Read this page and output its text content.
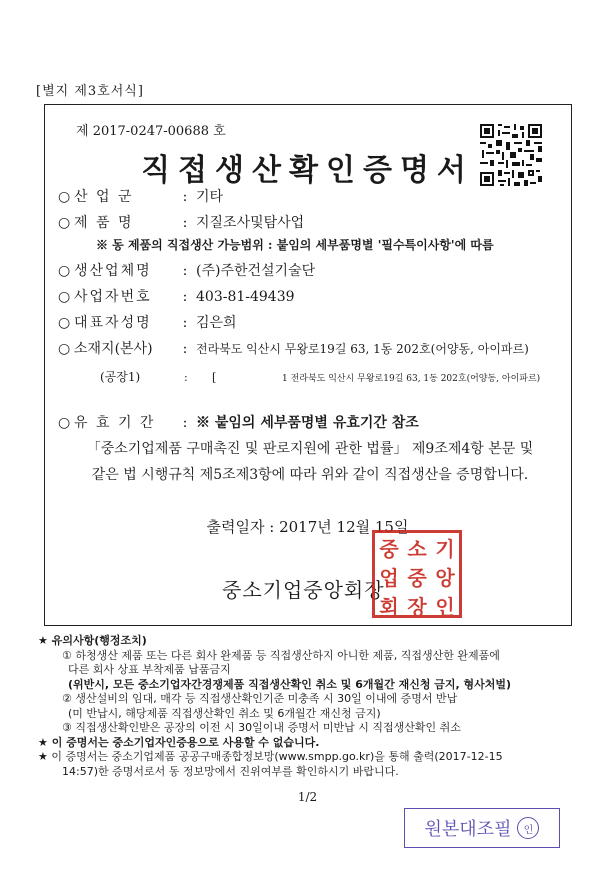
[별지 제3호서식]
제 2017-0247-00688 호
직접생산확인증명서
○ 산 업 군	: 기타
○ 제 품 명	: 지질조사및탐사업
※ 동 제품의 직접생산 가능범위 : 붙임의 세부품명별 '필수특이사항'에 따름
○ 생산업체명 : (주)주한건설기술단
○ 사업자번호 : 403-81-49439
○ 대표자성명 : 김은희
○ 소재지(본사) : 전라북도 익산시 무왕로19길 63, 1동 202호(어양동, 아이파르)
(공장1)	: [	1 전라북도 익산시 무왕로19길 63, 1동 202호(어양동, 아이파르)
○ 유 효 기 간 : ※ 붙임의 세부품명별 유효기간 참조
「중소기업제품 구매촉진 및 판로지원에 관한 법률」 제9조제4항 본문 및
같은 법 시행규칙 제5조제3항에 따라 위와 같이 직접생산을 증명합니다.
출력일자 : 2017년 12월 15일
중소기업중앙회장
중 소 기
업 중 앙
회 장 인
★ 유의사항(행정조치)
① 하청생산 제품 또는 다른 회사 완제품 등 직접생산하지 아니한 제품, 직접생산한 완제품에
다른 회사 상표 부착제품 납품금지
(위반시, 모든 중소기업자간경쟁제품 직접생산확인 취소 및 6개월간 재신청 금지, 형사처벌)
② 생산설비의 임대, 매각 등 직접생산확인기준 미충족 시 30일 이내에 증명서 반납
(미 반납시, 해당제품 직접생산확인 취소 및 6개월간 재신청 금지)
③ 직접생산확인받은 공장의 이전 시 30일이내 증명서 미반납 시 직접생산확인 취소
★ 이 증명서는 중소기업자인증용으로 사용할 수 없습니다.
★ 이 증명서는 중소기업제품 공공구매종합정보망(www.smpp.go.kr)을 통해 출력(2017-12-15
14:57)한 증명서로서 동 정보망에서 진위여부를 확인하시기 바랍니다.
1/2
원본대조필	인
